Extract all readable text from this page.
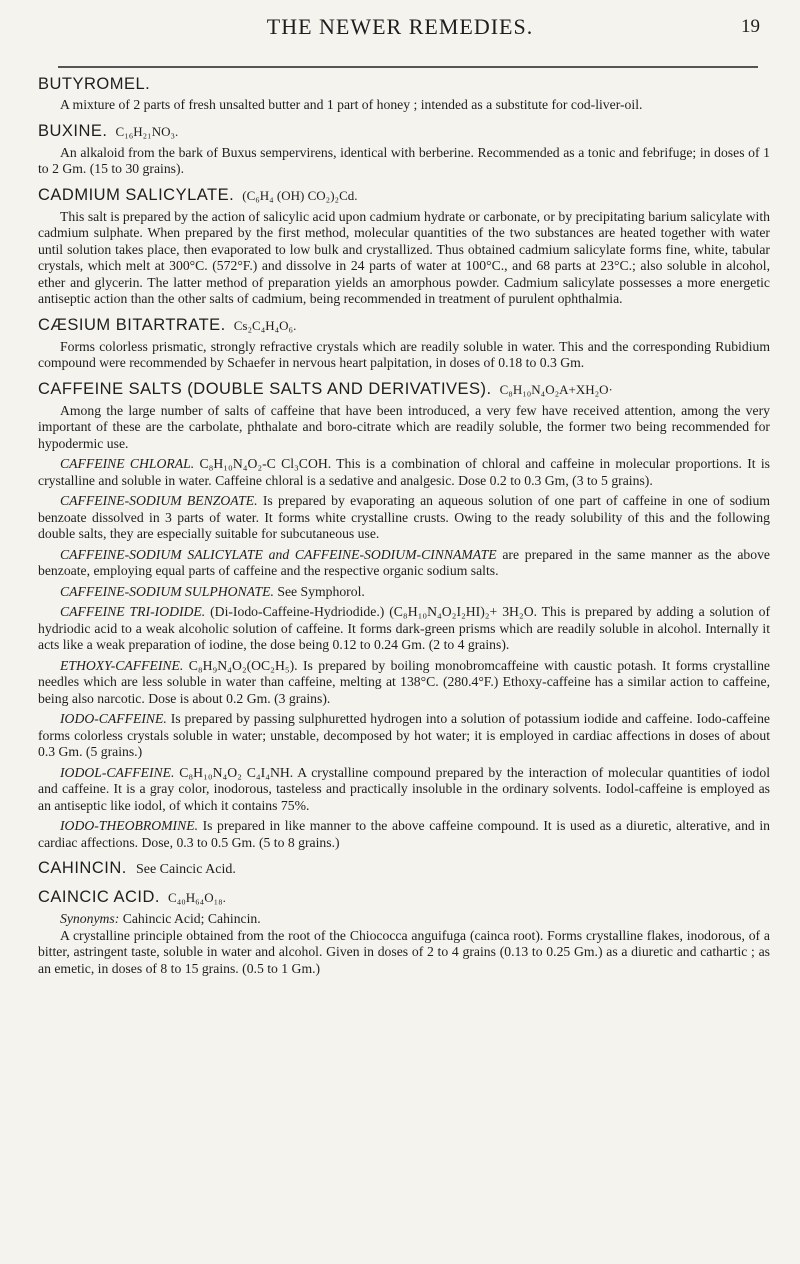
THE NEWER REMEDIES.	19
BUTYROMEL.

A mixture of 2 parts of fresh unsalted butter and 1 part of honey ; intended as a substitute for cod-liver-oil.

BUXINE. C₁₆H₂₁NO₃.

An alkaloid from the bark of Buxus sempervirens, identical with berberine. Recommended as a tonic and febrifuge; in doses of 1 to 2 Gm. (15 to 30 grains).

CADMIUM SALICYLATE. (C₆H₄ (OH) CO₂)₂Cd.

This salt is prepared by the action of salicylic acid upon cadmium hydrate or carbonate, or by precipitating barium salicylate with cadmium sulphate. When prepared by the first method, molecular quantities of the two substances are heated together with water until solution takes place, then evaporated to low bulk and crystallized. Thus obtained cadmium salicylate forms fine, white, tabular crystals, which melt at 300°C. (572°F.) and dissolve in 24 parts of water at 100°C., and 68 parts at 23°C.; also soluble in alcohol, ether and glycerin. The latter method of preparation yields an amorphous powder. Cadmium salicylate possesses a more energetic antiseptic action than the other salts of cadmium, being recommended in treatment of purulent ophthalmia.

CÆSIUM BITARTRATE. Cs₂C₄H₄O₆.

Forms colorless prismatic, strongly refractive crystals which are readily soluble in water. This and the corresponding Rubidium compound were recommended by Schaefer in nervous heart palpitation, in doses of 0.18 to 0.3 Gm.

CAFFEINE SALTS (DOUBLE SALTS AND DERIVATIVES). C₈H₁₀N₄O₂A+XH₂O·

Among the large number of salts of caffeine that have been introduced, a very few have received attention, among the very important of these are the carbolate, phthalate and boro-citrate which are readily soluble, the former two being recommended for hypodermic use.

CAFFEINE CHLORAL. C₈H₁₀N₄O₂-C Cl₃COH. This is a combination of chloral and caffeine in molecular proportions. It is crystalline and soluble in water. Caffeine chloral is a sedative and analgesic. Dose 0.2 to 0.3 Gm, (3 to 5 grains).

CAFFEINE-SODIUM BENZOATE. Is prepared by evaporating an aqueous solution of one part of caffeine in one of sodium benzoate dissolved in 3 parts of water. It forms white crystalline crusts. Owing to the ready solubility of this and the following double salts, they are especially suitable for subcutaneous use.

CAFFEINE-SODIUM SALICYLATE and CAFFEINE-SODIUM-CINNAMATE are prepared in the same manner as the above benzoate, employing equal parts of caffeine and the respective organic sodium salts.

CAFFEINE-SODIUM SULPHONATE. See Symphorol.

CAFFEINE TRI-IODIDE. (Di-Iodo-Caffeine-Hydriodide.) (C₈H₁₀N₄O₂I₂HI)₂+ 3H₂O. This is prepared by adding a solution of hydriodic acid to a weak alcoholic solution of caffeine. It forms dark-green prisms which are readily soluble in alcohol. Internally it acts like a weak preparation of iodine, the dose being 0.12 to 0.24 Gm. (2 to 4 grains).

ETHOXY-CAFFEINE. C₈H₉N₄O₂(OC₂H₅). Is prepared by boiling monobromcaffeine with caustic potash. It forms crystalline needles which are less soluble in water than caffeine, melting at 138°C. (280.4°F.) Ethoxy-caffeine has a similar action to caffeine, being also narcotic. Dose is about 0.2 Gm. (3 grains).

IODO-CAFFEINE. Is prepared by passing sulphuretted hydrogen into a solution of potassium iodide and caffeine. Iodo-caffeine forms colorless crystals soluble in water; unstable, decomposed by hot water; it is employed in cardiac affections in doses of about 0.3 Gm. (5 grains.)

IODOL-CAFFEINE. C₈H₁₀N₄O₂ C₄I₄NH. A crystalline compound prepared by the interaction of molecular quantities of iodol and caffeine. It is a gray color, inodorous, tasteless and practically insoluble in the ordinary solvents. Iodol-caffeine is employed as an antiseptic like iodol, of which it contains 75%.

IODO-THEOBROMINE. Is prepared in like manner to the above caffeine compound. It is used as a diuretic, alterative, and in cardiac affections. Dose, 0.3 to 0.5 Gm. (5 to 8 grains.)

CAHINCIN. See Caincic Acid.
CAINCIC ACID. C₄₀H₆₄O₁₈.

Synonyms: Cahincic Acid; Cahincin.

A crystalline principle obtained from the root of the Chiococca anguifuga (cainca root). Forms crystalline flakes, inodorous, of a bitter, astringent taste, soluble in water and alcohol. Given in doses of 2 to 4 grains (0.13 to 0.25 Gm.) as a diuretic and cathartic ; as an emetic, in doses of 8 to 15 grains. (0.5 to 1 Gm.)
